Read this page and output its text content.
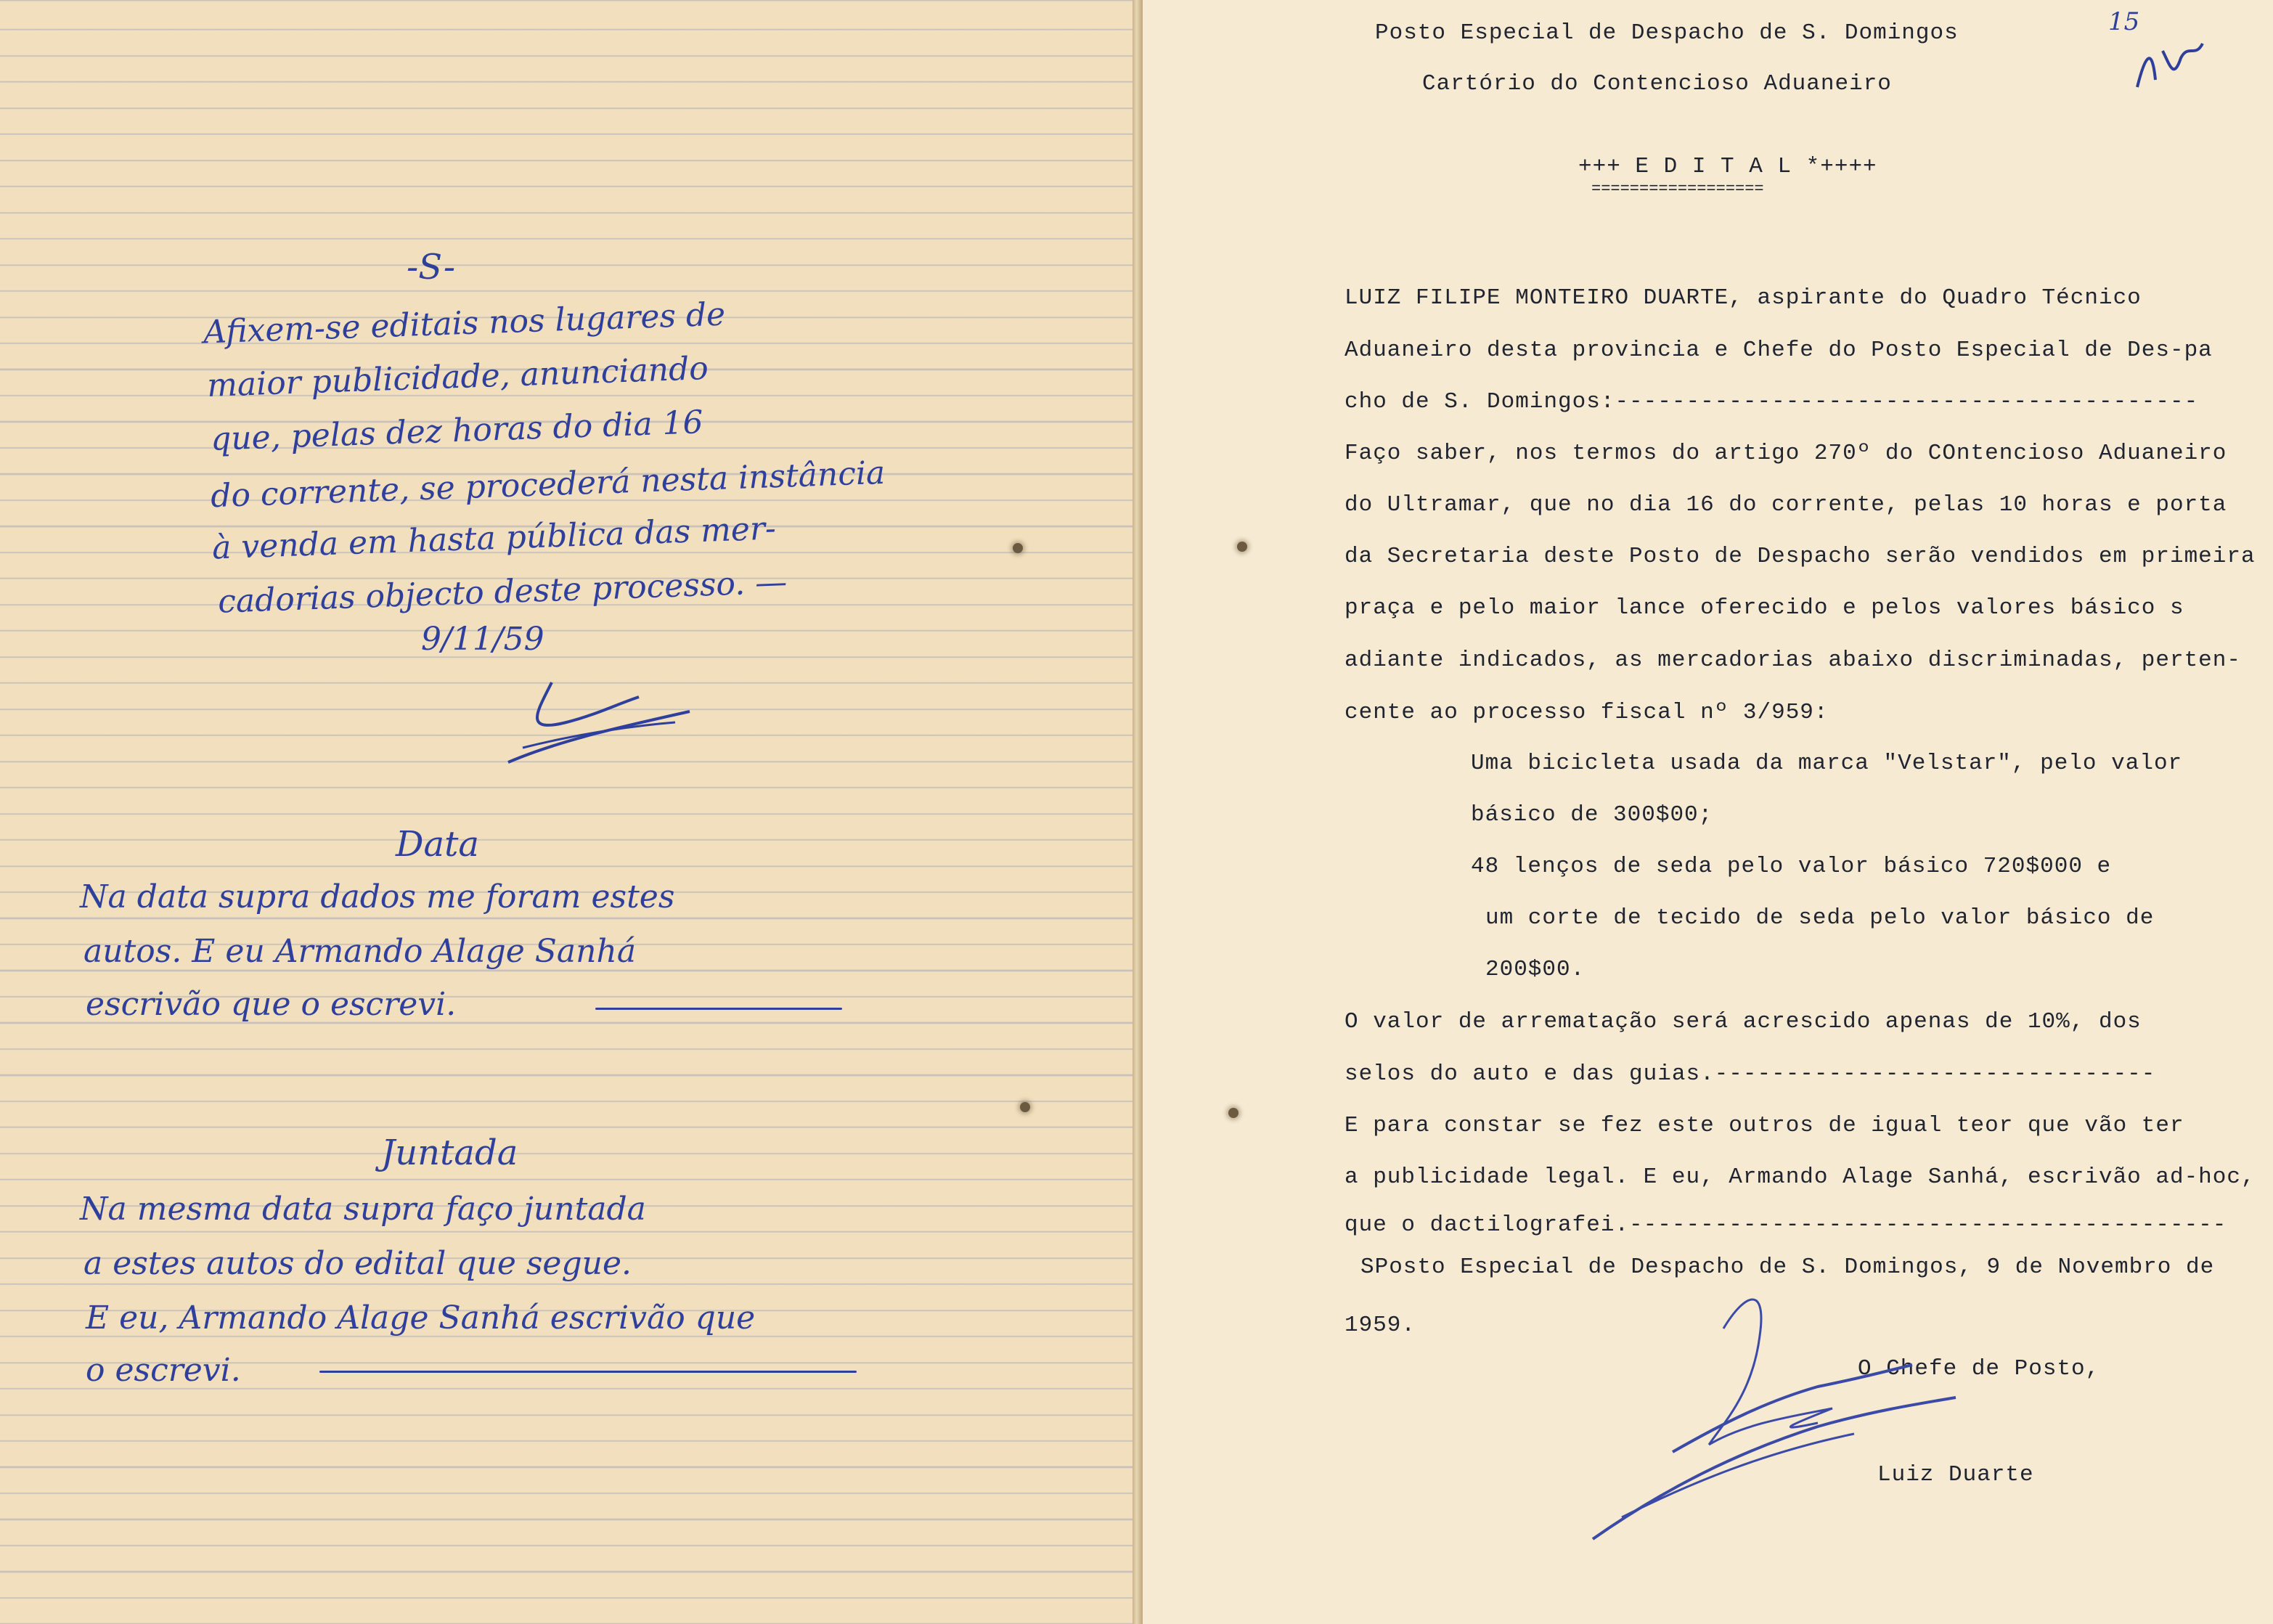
-S-
Afixem-se editais nos lugares de
maior publicidade, anunciando
que, pelas dez horas do dia 16
do corrente, se procederá nesta instância
à venda em hasta pública das mer-
cadorias objecto deste processo. —
9/11/59
Data
Na data supra dados me foram estes
autos. E eu Armando Alage Sanhá
escrivão que o escrevi.
Juntada
Na mesma data supra faço juntada
a estes autos do edital que segue.
E eu, Armando Alage Sanhá escrivão que
o escrevi.
15
Posto Especial de Despacho de S. Domingos
Cartório do Contencioso Aduaneiro
+++ E D I T A L *++++
==================
LUIZ FILIPE MONTEIRO DUARTE, aspirante do Quadro Técnico
Aduaneiro desta provincia e Chefe do Posto Especial de Des-pa
cho de S. Domingos:-----------------------------------------
Faço saber, nos termos do artigo 270º do COntencioso Aduaneiro
do Ultramar, que no dia 16 do corrente, pelas 10 horas e porta
da Secretaria deste Posto de Despacho serão vendidos em primeira
praça e pelo maior lance oferecido e pelos valores básico s
adiante indicados, as mercadorias abaixo discriminadas, perten-
cente ao processo fiscal nº 3/959:
Uma bicicleta usada da marca "Velstar", pelo valor
básico de 300$00;
48 lenços de seda pelo valor básico 720$000 e
um corte de tecido de seda pelo valor básico de
200$00.
O valor de arrematação será acrescido apenas de 10%, dos
selos do auto e das guias.-------------------------------
E para constar se fez este outros de igual teor que vão ter
a publicidade legal. E eu, Armando Alage Sanhá, escrivão ad-hoc,
que o dactilografei.------------------------------------------
SPosto Especial de Despacho de S. Domingos, 9 de Novembro de
1959.
O Chefe de Posto,
Luiz Duarte
